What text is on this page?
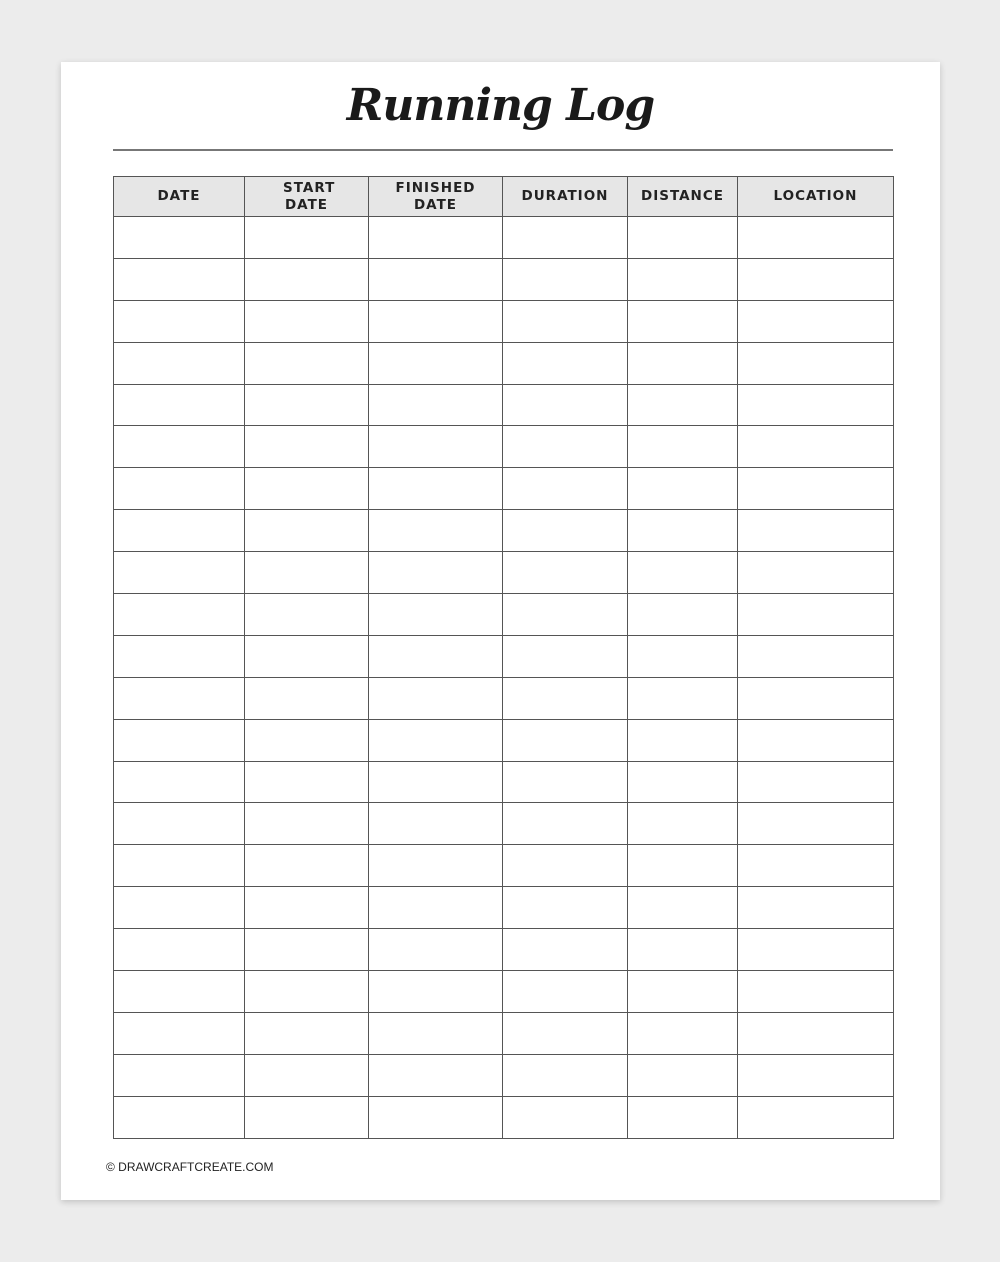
Running Log
DATE	START DATE	FINISHED DATE	DURATION	DISTANCE	LOCATION

© DRAWCRAFTCREATE.COM
